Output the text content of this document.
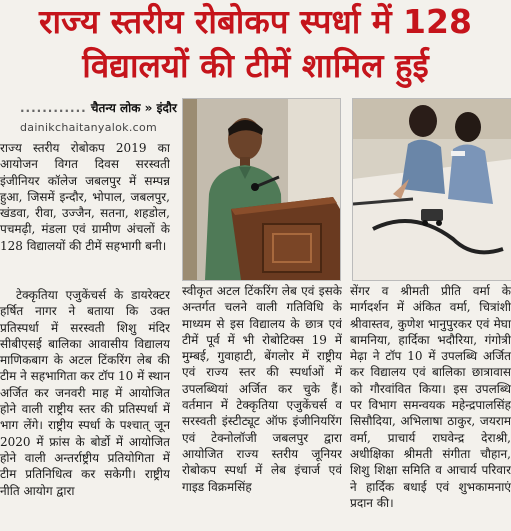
राज्य स्तरीय रोबोकप स्पर्धा में 128
विद्यालयों की टीमें शामिल हुई
............ चैतन्य लोक » इंदौर
dainikchaitanyalok.com
राज्य स्तरीय रोबोकप 2019 का आयोजन विगत दिवस सरस्वती इंजीनियर कॉलेज जबलपुर में सम्पन्न हुआ, जिसमें इन्दौर, भोपाल, जबलपुर, खंडवा, रीवा, उज्जैन, सतना, शहडोल, पचमढ़ी, मंडला एवं ग्रामीण अंचलों के 128 विद्यालयों की टीमें सहभागी बनी।
टेक्कृतिया एजुकेंचर्स के डायरेक्टर हर्षित नागर ने बताया कि उक्त प्रतिस्पर्धा में सरस्वती शिशु मंदिर सीबीएसई बालिका आवासीय विद्यालय माणिकबाग के अटल टिंकरिंग लेब की टीम ने सहभागिता कर टॉप 10 में स्थान अर्जित कर जनवरी माह में आयोजित होने वाली राष्ट्रीय स्तर की प्रतिस्पर्धा में भाग लेंगे। राष्ट्रीय स्पर्धा के पश्चात् जून 2020 में फ्रांस के बोर्डो में आयोजित होने वाली अन्तर्राष्ट्रीय प्रतियोगिता में टीम प्रतिनिधित्व कर सकेगी। राष्ट्रीय नीति आयोग द्वारा
स्वीकृत अटल टिंकरिंग लेब एवं इसके अन्तर्गत चलने वाली गतिविधि के माध्यम से इस विद्यालय के छात्र एवं टीमें पूर्व में भी रोबोटिक्स 19 में मुम्बई, गुवाहाटी, बेंगलोर में राष्ट्रीय एवं राज्य स्तर की स्पर्धाओं में उपलब्धियां अर्जित कर चुके हैं। वर्तमान में टेक्कृतिया एजुकेंचर्स व सरस्वती इंस्टीट्यूट ऑफ इंजीनियरिंग एवं टेक्नोलॉजी जबलपुर द्वारा आयोजित राज्य स्तरीय जूनियर रोबोकप स्पर्धा में लेब इंचार्ज एवं गाइड विक्रमसिंह
सेंगर व श्रीमती प्रीति वर्मा के मार्गदर्शन में अंकित वर्मा, चित्रांशी श्रीवास्तव, कुणेश भानुपुरकर एवं मेघा बामनिया, हार्दिका भदौरिया, गंगोत्री मेढ़ा ने टॉप 10 में उपलब्धि अर्जित कर विद्यालय एवं बालिका छात्रावास को गौरवांवित किया। इस उपलब्धि पर विभाग समन्वयक महेन्द्रपालसिंह सिसौदिया, अभिलाषा ठाकुर, जयराम वर्मा, प्राचार्य राघवेन्द्र देराश्री, अधीक्षिका श्रीमती संगीता चौहान, शिशु शिक्षा समिति व आचार्य परिवार ने हार्दिक बधाई एवं शुभकामनाएं प्रदान की।
